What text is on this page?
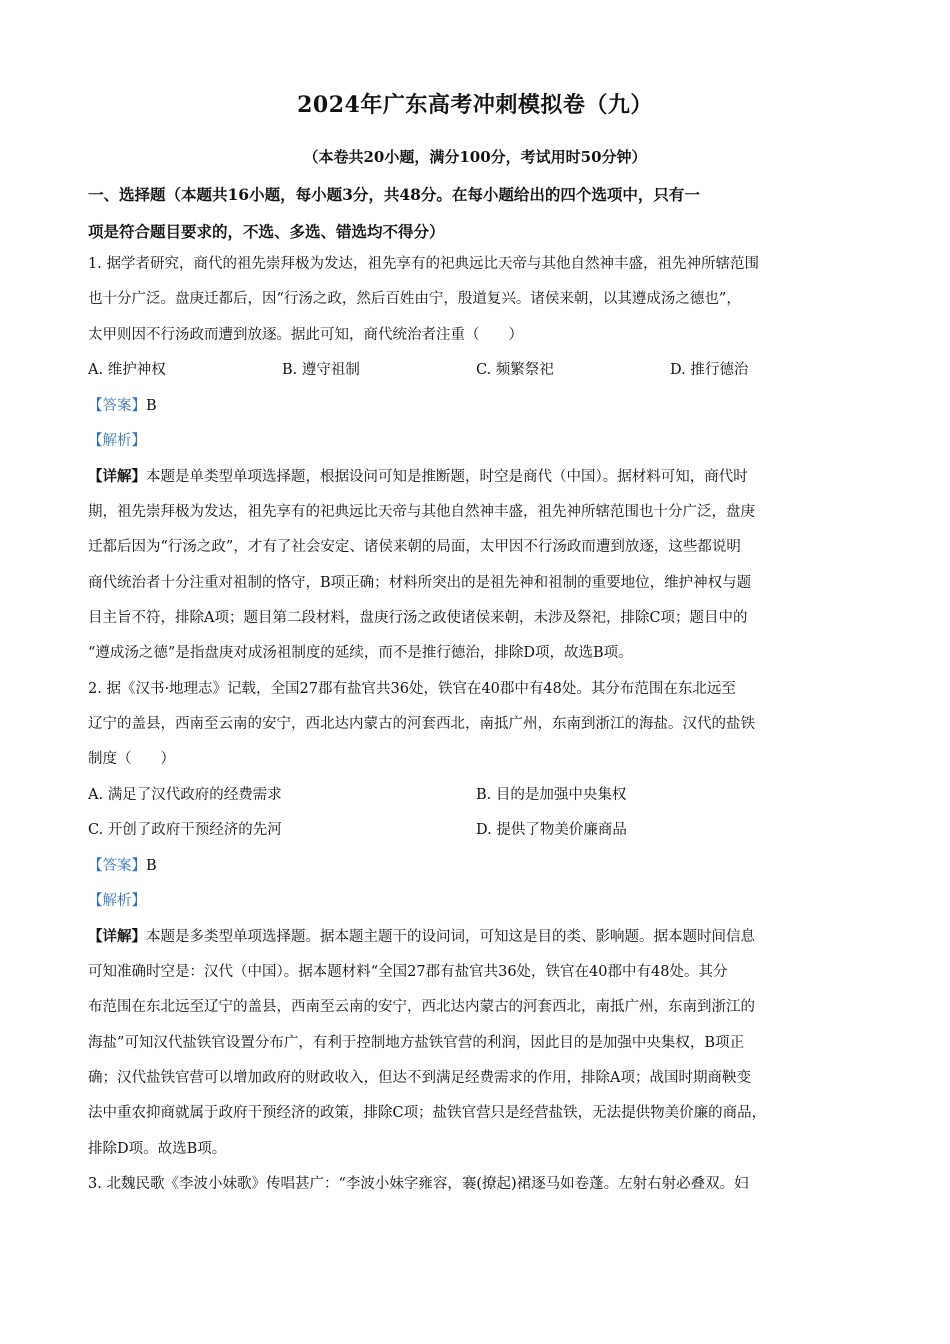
2024年广东高考冲刺模拟卷（九）
（本卷共20小题，满分100分，考试用时50分钟）
一、选择题（本题共16小题，每小题3分，共48分。在每小题给出的四个选项中，只有一
项是符合题目要求的，不选、多选、错选均不得分）
1. 据学者研究，商代的祖先崇拜极为发达，祖先享有的祀典远比天帝与其他自然神丰盛，祖先神所辖范围
也十分广泛。盘庚迁都后，因“行汤之政，然后百姓由宁，殷道复兴。诸侯来朝，以其遵成汤之德也”，
太甲则因不行汤政而遭到放逐。据此可知，商代统治者注重（　　）
A. 维护神权	B. 遵守祖制	C. 频繁祭祀	D. 推行德治
【答案】B
【解析】
【详解】本题是单类型单项选择题，根据设问可知是推断题，时空是商代（中国）。据材料可知，商代时
期，祖先崇拜极为发达，祖先享有的祀典远比天帝与其他自然神丰盛，祖先神所辖范围也十分广泛，盘庚
迁都后因为“行汤之政”，才有了社会安定、诸侯来朝的局面，太甲因不行汤政而遭到放逐，这些都说明
商代统治者十分注重对祖制的恪守，B项正确；材料所突出的是祖先神和祖制的重要地位，维护神权与题
目主旨不符，排除A项；题目第二段材料，盘庚行汤之政使诸侯来朝，未涉及祭祀，排除C项；题目中的
“遵成汤之德”是指盘庚对成汤祖制度的延续，而不是推行德治，排除D项，故选B项。
2. 据《汉书·地理志》记载，全国27郡有盐官共36处，铁官在40郡中有48处。其分布范围在东北远至
辽宁的盖县，西南至云南的安宁，西北达内蒙古的河套西北，南抵广州，东南到浙江的海盐。汉代的盐铁
制度（　　）
A. 满足了汉代政府的经费需求	B. 目的是加强中央集权
C. 开创了政府干预经济的先河	D. 提供了物美价廉商品
【答案】B
【解析】
【详解】本题是多类型单项选择题。据本题主题干的设问词，可知这是目的类、影响题。据本题时间信息
可知准确时空是：汉代（中国）。据本题材料“全国27郡有盐官共36处，铁官在40郡中有48处。其分
布范围在东北远至辽宁的盖县，西南至云南的安宁，西北达内蒙古的河套西北，南抵广州，东南到浙江的
海盐”可知汉代盐铁官设置分布广，有利于控制地方盐铁官营的利润，因此目的是加强中央集权，B项正
确；汉代盐铁官营可以增加政府的财政收入，但达不到满足经费需求的作用，排除A项；战国时期商鞅变
法中重农抑商就属于政府干预经济的政策，排除C项；盐铁官营只是经营盐铁，无法提供物美价廉的商品，
排除D项。故选B项。
3. 北魏民歌《李波小妹歌》传唱甚广：“李波小妹字雍容，褰(撩起)裙逐马如卷蓬。左射右射必叠双。妇
